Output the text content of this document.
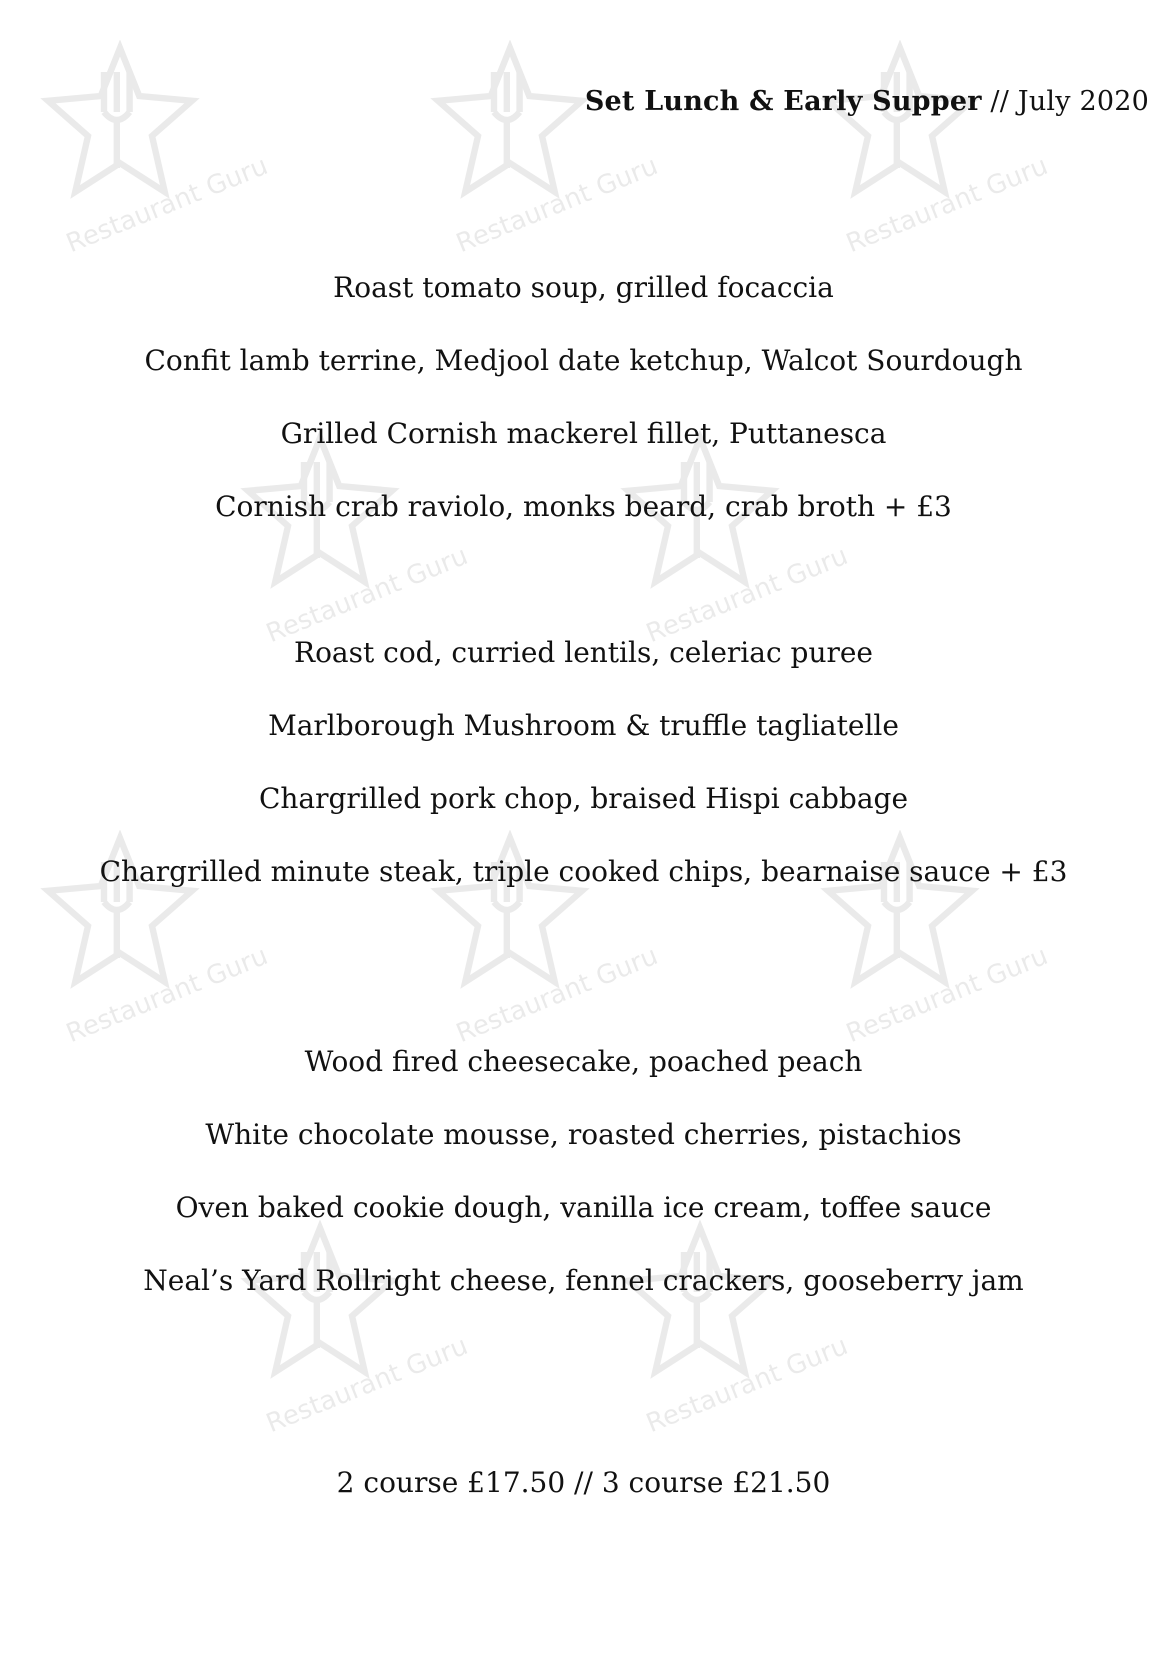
Restaurant Guru	Restaurant Guru	Restaurant Guru
Restaurant Guru	Restaurant Guru
Restaurant Guru	Restaurant Guru	Restaurant Guru
Restaurant Guru	Restaurant Guru
Set Lunch & Early Supper // July 2020
Roast tomato soup, grilled focaccia
Confit lamb terrine, Medjool date ketchup, Walcot Sourdough
Grilled Cornish mackerel fillet, Puttanesca
Cornish crab raviolo, monks beard, crab broth + £3
Roast cod, curried lentils, celeriac puree
Marlborough Mushroom & truffle tagliatelle
Chargrilled pork chop, braised Hispi cabbage
Chargrilled minute steak, triple cooked chips, bearnaise sauce + £3
Wood fired cheesecake, poached peach
White chocolate mousse, roasted cherries, pistachios
Oven baked cookie dough, vanilla ice cream, toffee sauce
Neal’s Yard Rollright cheese, fennel crackers, gooseberry jam
2 course £17.50 // 3 course £21.50
